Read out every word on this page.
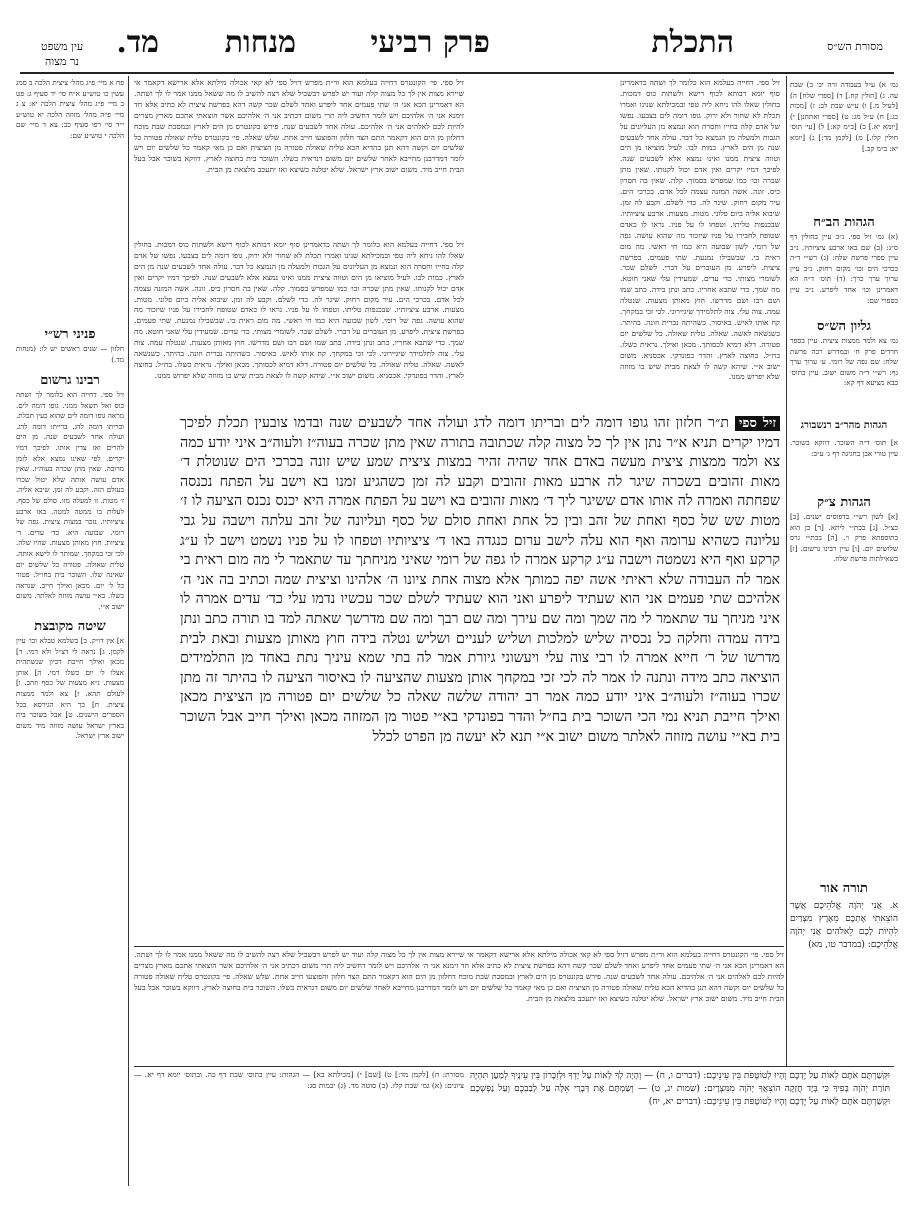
מסורת הש״ס
התכלת
פרק רביעי
מנחות
מד.
עין משפט
נר מצוה
גמ׳ א) ע״ל בעבודה זרה יב׳ ב) שבת עה. ג) [חולין קח.] ד) [ספרי שלח] ה) [לעיל מ.] ו) ע״ש שבת לב: ז) [מכות כג:] ח) ע״ל מג: ט) [ספרי ואתחנן] י) [יומא יא.] כ) [ב״מ קא:] ל) [עי׳ תוס׳ חולין קלו.] מ) [לקמן מד:] נ) [יומא יא: ב״מ קב.]
הגהות הב״ח
(א) גמ׳ זיל ספי. נ״ב עיין בחולין דף ס״ג: (ב) שם באו ארבע ציציותיו. נ״ב עיין ספרי פרשת שלח: (ג) רש״י ד״ה בכרכי הים וכו׳ מקום רחוק. נ״ב עיין ערוך ערך כרך: (ד) תוס׳ ד״ה הא דאמרינן וכו׳ אחד ליפרע. נ״ב עיין בספרי שם:
גליון הש״ס
גמ׳ צא ולמד ממצות ציצית. עיין בספר חרדים פרק ח׳ ובמדרש רבה פרשת שלח: שם גפה של רומי. ע׳ ערוך ערך גף: רש״י ד״ה משום ישוב. עיין בתוס׳ בבא מציעא דף קא:
הגהות מהר״ב רנשבורג
א] תוס׳ ד״ה השוכר. דווקא בשוכר. עיין טורי אבן בחגיגה דף ג׳ ע״ב:
הגהות צ״ק
[א] לשון רש״י בדפוסים ישנים. [ב] כצ״ל. [ג] בכת״י ליתא. [ד] כן הוא בתוספתא פרק ו׳. [ה] בכת״י גרס שלושים יום. [ו] עיין רבינו גרשום. [ז] בשאילתות פרשת שלח.
תורה אור
א. אֲנִי יְהֹוָה אֱלֹהֵיכֶם אֲשֶׁר הוֹצֵאתִי אֶתְכֶם מֵאֶרֶץ מִצְרַיִם לִהְיוֹת לָכֶם לֵאלֹהִים אֲנִי יְהֹוָה אֱלֹהֵיכֶם: (במדבר טו, מא)
זיל ספי. דחייה בעלמא הוא כלומר לך ושתה כדאמרינן סוף יומא רבותא לכוף רישא ולשתות כוס דמכות. בחולין שאלו להו ניחא ליה טפי ובמכילתא שנינו ואמרו תכלת לא שחור ולא ירוק. גופו דומה לים בצבעו. נפשו של אדם קלה בחייו וחסרה הוא ונמצא מן העליונים על הגבות ולמעלה מן הנמצא כל דבר. עולה אחד לשבעים שנה מן הים לארץ. כמות לבו. לעיל מוציאו מן הים וטווה ציצית ממנו ואינו נמצא אלא לשבעים שנה. לפיכך דמיו יקרים ואין אדם יכול לקנותו. שאין מתן שכרה וכו׳ כמו שמפרש בסמוך. קלה. שאין בה חסרון כיס. זונה. אשה המזנה עצמה לכל אדם. בכרכי הים. עיר מקום רחוק. שיגר לה. כדי לשלם. וקבע לה זמן. שיבוא אליה ביום פלוני. מטות. מצעות. ארבע ציציותיו. שבכנפות טליתו. וטפחו לו על פניו. נראו לו כאדם שטופח לחבירו על פניו שיזכור מה שהוא עושה. גפה של רומי. לשון שבועה היא כמו חי ראשי. מה מום ראית בי. שבשבילו נמנעת. שתי פעמים. בפרשת ציצית. ליפרע. מן העוברים על דברי. לשלם שכר. לשומרי מצותי. כד׳ עדים. שמעידין עלי שאני חוטא. מה שמך. כדי שתבא אחריו. כתב ונתן בידה. כתב שמו ושם רבו ושם מדרשו. חוץ מאותן מצעות. שנטלה עמה. צוה עלי. צוה לתלמידך שיגיירוני. לכי זכי במקחך. קח אותו לאיש. באיסור. כשהיתה נכרית וזונה. בהיתר. כשנשאה לאשה. שאלה. טלית שאולה. כל שלשים יום פטורה. דלא דמיא לכסותך. מכאן ואילך. נראית כשלו. בח״ל. בחוצה לארץ. והדר בפונדקי. אכסניא. משום ישוב א״י. שיהא קשה לו לצאת מבית שיש בו מזוזה שלא יפרוש ממנו.
זיל ספי. פי׳ הקונטרס דחייה בעלמא הוא ור״ת מפרש דזיל ספי לא קאי אכולה מילתא אלא ארישא דקאמר אי שיירא מצות אין לך כל מצוה קלה ועוד יש לפרש דבשביל שלא רצה להשיב לו מה ששאל ממנו אמר לו לך ושתה. הא דאמרינן הכא אני ה׳ שתי פעמים אחד ליפרע ואחד לשלם שכר קשה דהא בפרשת ציצית לא כתיב אלא חד זימנא אני ה׳ אלהיכם ויש לומר דחשיב ליה תרי משום דכתיב אני ה׳ אלהיכם אשר הוצאתי אתכם מארץ מצרים להיות לכם לאלהים אני ה׳ אלהיכם. עולה אחד לשבעים שנה. פירש בקונטרס מן הים לארץ ובמסכת שבת מוכח דחלזון מן הים הוא דקאמר התם הצד חלזון והפוצעו חייב אחת. שלש שאלה. פי׳ בקונטרס טלית שאולה פטורה כל שלשים יום וקשה דהא תנן בהדיא הכא טלית שאולה פטורה מן הציצית ואם כן מאי קאמר כל שלשים יום ויש לומר דמדרבנן מחייבא לאחר שלשים יום משום דנראית כשלו. השוכר בית בחוצה לארץ. דווקא בשוכר אבל בעל הבית חייב מיד. משום ישוב ארץ ישראל. שלא יטלנה כשיצא ואז יתעכב מלצאת מן הבית.
זיל ספי ת״ר חלזון זהו גופו דומה לים ובריתו דומה לדג ועולה אחד לשבעים שנה ובדמו צובעין תכלת לפיכך דמיו יקרים תניא א״ר נתן אין לך כל מצוה קלה שכתובה בתורה שאין מתן שכרה בעוה״ז ולעוה״ב איני יודע כמה צא ולמד ממצות ציצית מעשה באדם אחד שהיה זהיר במצות ציצית שמע שיש זונה בכרכי הים שנוטלת ד׳ מאות זהובים בשכרה שיגר לה ארבע מאות זהובים וקבע לה זמן כשהגיע זמנו בא וישב על הפתח נכנסה שפחתה ואמרה לה אותו אדם ששיגר ליך ד׳ מאות זהובים בא וישב על הפתח אמרה היא יכנס נכנס הציעה לו ז׳ מטות שש של כסף ואחת של זהב ובין כל אחת ואחת סולם של כסף ועליונה של זהב עלתה וישבה על גבי עליונה כשהיא ערומה ואף הוא עלה לישב ערום כנגדה באו ד׳ ציציותיו וטפחו לו על פניו נשמט וישב לו ע״ג קרקע ואף היא נשמטה וישבה ע״ג קרקע אמרה לו גפה של רומי שאיני מניחתך עד שתאמר לי מה מום ראית בי אמר לה העבודה שלא ראיתי אשה יפה כמותך אלא מצוה אחת ציונו ה׳ אלהינו וציצית שמה וכתיב בה אני ה׳ אלהיכם שתי פעמים אני הוא שעתיד ליפרע ואני הוא שעתיד לשלם שכר עכשיו נדמו עלי כד׳ עדים אמרה לו איני מניחך עד שתאמר לי מה שמך ומה שם עירך ומה שם רבך ומה שם מדרשך שאתה למד בו תורה כתב ונתן בידה עמדה וחלקה כל נכסיה שליש למלכות ושליש לעניים ושליש נטלה בידה חוץ מאותן מצעות ובאת לבית מדרשו של ר׳ חייא אמרה לו רבי צוה עלי ויעשוני גיורת אמר לה בתי שמא עיניך נתת באחד מן התלמידים הוציאה כתב מידה ונתנה לו אמר לה לכי זכי במקחך אותן מצעות שהציעה לו באיסור הציעה לו בהיתר זה מתן שכרו בעוה״ז ולעוה״ב איני יודע כמה אמר רב יהודה שלשה שאלה כל שלשים יום פטורה מן הציצית מכאן ואילך חייבת תניא נמי הכי השוכר בית בח״ל והדר בפונדקי בא״י פטור מן המזוזה מכאן ואילך חייב אבל השוכר בית בא״י עושה מזוזה לאלתר משום ישוב א״י תנא לא יעשה מן הפרט לכלל
זיל ספי. דחייה בעלמא הוא כלומר לך ושתה כדאמרינן סוף יומא רבותא לכוף רישא ולשתות כוס דמכות. בחולין שאלו להו ניחא ליה טפי ובמכילתא שנינו ואמרו תכלת לא שחור ולא ירוק. גופו דומה לים בצבעו. נפשו של אדם קלה בחייו וחסרה הוא ונמצא מן העליונים על הגבות ולמעלה מן הנמצא כל דבר. עולה אחד לשבעים שנה מן הים לארץ. כמות לבו. לעיל מוציאו מן הים וטווה ציצית ממנו ואינו נמצא אלא לשבעים שנה. לפיכך דמיו יקרים ואין אדם יכול לקנותו. שאין מתן שכרה וכו׳ כמו שמפרש בסמוך. קלה. שאין בה חסרון כיס. זונה. אשה המזנה עצמה לכל אדם. בכרכי הים. עיר מקום רחוק. שיגר לה. כדי לשלם. וקבע לה זמן. שיבוא אליה ביום פלוני. מטות. מצעות. ארבע ציציותיו. שבכנפות טליתו. וטפחו לו על פניו. נראו לו כאדם שטופח לחבירו על פניו שיזכור מה שהוא עושה. גפה של רומי. לשון שבועה היא כמו חי ראשי. מה מום ראית בי. שבשבילו נמנעת. שתי פעמים. בפרשת ציצית. ליפרע. מן העוברים על דברי. לשלם שכר. לשומרי מצותי. כד׳ עדים. שמעידין עלי שאני חוטא. מה שמך. כדי שתבא אחריו. כתב ונתן בידה. כתב שמו ושם רבו ושם מדרשו. חוץ מאותן מצעות. שנטלה עמה. צוה עלי. צוה לתלמידך שיגיירוני. לכי זכי במקחך. קח אותו לאיש. באיסור. כשהיתה נכרית וזונה. בהיתר. כשנשאה לאשה. שאלה. טלית שאולה. כל שלשים יום פטורה. דלא דמיא לכסותך. מכאן ואילך. נראית כשלו. בח״ל. בחוצה לארץ. והדר בפונדקי. אכסניא. משום ישוב א״י. שיהא קשה לו לצאת מבית שיש בו מזוזה שלא יפרוש ממנו.
פח א מיי׳ פ״ג מהל׳ ציצית הלכה ב סמג עשין כו טוש״ע א״ח סי׳ יד סעיף ג: פט ב מיי׳ פ״ג מהל׳ ציצית הלכה יא: צ ג מיי׳ פ״ה מהל׳ מזוזה הלכה יא טוש״ע י״ד סי׳ רפו סעיף כב: צא ד מיי׳ שם הלכה י טוש״ע שם:
פניני רש״י
חלזון — שנים ראשים יש לו: (מנחות מד.)
רבינו גרשום
זיל ספי. דחייה הוא כלומר לך ושתה כוס ואל תשאל ממני. גופו דומה לים. מראה גופו דומה לים שהוא כעין תכלת. ובריתו דומה לדג. ברייתו דומה לדג. ועולה אחד לשבעים שנה. מן הים להרים ואז צדין אותו. לפיכך דמיו יקרים. לפי שאינו נמצא אלא לזמן מרובה. שאין מתן שכרה בעוה״ז. שאין אדם עושה אותה שלא יטול שכרו בעולם הזה. וקבע לה זמן. שיבא אליה. ז׳ מטות. זו למעלה מזו. סולם של כסף. לעלות בו ממטה למטה. באו ארבע ציציותיו. נזכר במצות ציצית. גפה של רומי. שבועה היא. כד׳ עדים. ד׳ ציציות. חוץ מאותן מצעות. שהיו שלה. לכי זכי במקחך. שמותר לו לישא אותה. טלית שאולה. פטורה כל שלשים יום שאינה שלו. השוכר בית בחו״ל. פטור כל ל׳ יום. מכאן ואילך חייב. שנראה כשלו. בא״י עושה מזוזה לאלתר. משום ישוב א״י.
שיטה מקובצת
א] אין דו״ק. ב] בשלמא טבלא וכו׳ עיין לקמן. ג] נראה לי דצ״ל ולא דמי. ד] מכאן ואילך חייבת דכיון שנשתהית אצלו ל׳ יום כשלו דמי. ה] אותן מצעות. נ״א מצעות של כסף וזהב. ו] לעולם תהא. ז] צא ולמד ממצות ציצית. ח] כך היא הגירסא בכל הספרים הישנים. ט] אבל בשוכר בית בארץ ישראל עושה מזוזה מיד משום ישוב ארץ ישראל.
זיל ספי. פי׳ הקונטרס דחייה בעלמא הוא ור״ת מפרש דזיל ספי לא קאי אכולה מילתא אלא ארישא דקאמר אי שיירא מצות אין לך כל מצוה קלה ועוד יש לפרש דבשביל שלא רצה להשיב לו מה ששאל ממנו אמר לו לך ושתה. הא דאמרינן הכא אני ה׳ שתי פעמים אחד ליפרע ואחד לשלם שכר קשה דהא בפרשת ציצית לא כתיב אלא חד זימנא אני ה׳ אלהיכם ויש לומר דחשיב ליה תרי משום דכתיב אני ה׳ אלהיכם אשר הוצאתי אתכם מארץ מצרים להיות לכם לאלהים אני ה׳ אלהיכם. עולה אחד לשבעים שנה. פירש בקונטרס מן הים לארץ ובמסכת שבת מוכח דחלזון מן הים הוא דקאמר התם הצד חלזון והפוצעו חייב אחת. שלש שאלה. פי׳ בקונטרס טלית שאולה פטורה כל שלשים יום וקשה דהא תנן בהדיא הכא טלית שאולה פטורה מן הציצית ואם כן מאי קאמר כל שלשים יום ויש לומר דמדרבנן מחייבא לאחר שלשים יום משום דנראית כשלו. השוכר בית בחוצה לארץ. דווקא בשוכר אבל בעל הבית חייב מיד. משום ישוב ארץ ישראל. שלא יטלנה כשיצא ואז יתעכב מלצאת מן הבית.
וּקְשַׁרְתֶּם אֹתָם לְאוֹת עַל יֶדְכֶם וְהָיוּ לְטוֹטָפֹת בֵּין עֵינֵיכֶם: (דברים ו, ח) — וְהָיָה לְךָ לְאוֹת עַל יָדְךָ וּלְזִכָּרוֹן בֵּין עֵינֶיךָ לְמַעַן תִּהְיֶה תּוֹרַת יְהֹוָה בְּפִיךָ כִּי בְּיָד חֲזָקָה הוֹצִאֲךָ יְהֹוָה מִמִּצְרָיִם: (שמות יג, ט) — וְשַׂמְתֶּם אֶת דְּבָרַי אֵלֶּה עַל לְבַבְכֶם וְעַל נַפְשְׁכֶם וּקְשַׁרְתֶּם אֹתָם לְאוֹת עַל יֶדְכֶם וְהָיוּ לְטוֹטָפֹת בֵּין עֵינֵיכֶם: (דברים יא, יח)
מסורת: ח) [לקמן מד:] ט) [שם] י) [מכילתא בא] — הגהות: עיין בתוס׳ שבת דף כה. ובתוס׳ יומא דף יא. — ציונים: (א) גמ׳ שבת קלז. (ב) סוטה מד. (ג) יבמות סג:
